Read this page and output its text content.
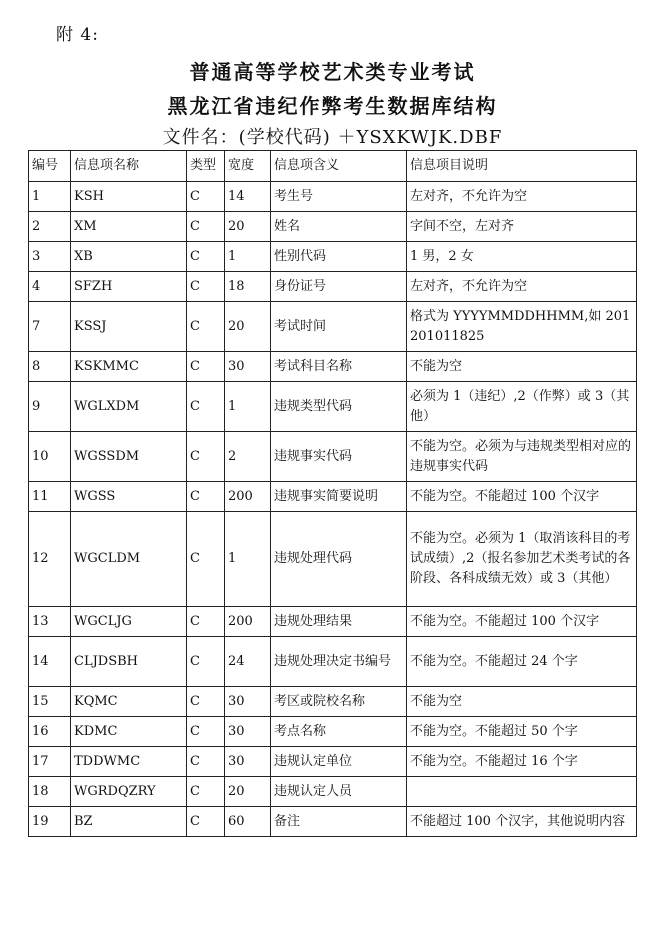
附 4:
普通高等学校艺术类专业考试
黑龙江省违纪作弊考生数据库结构
文件名：(学校代码) ＋YSXKWJK.DBF
编号	信息项名称	类型	宽度	信息项含义	信息项目说明
1	KSH	C	14	考生号	左对齐，不允许为空
2	XM	C	20	姓名	字间不空，左对齐
3	XB	C	1	性别代码	1 男，2 女
4	SFZH	C	18	身份证号	左对齐，不允许为空
7	KSSJ	C	20	考试时间	格式为 YYYYMMDDHHMM,如 201201011825
8	KSKMMC	C	30	考试科目名称	不能为空
9	WGLXDM	C	1	违规类型代码	必须为 1（违纪）,2（作弊）或 3（其他）
10	WGSSDM	C	2	违规事实代码	不能为空。必须为与违规类型相对应的违规事实代码
11	WGSS	C	200	违规事实简要说明	不能为空。不能超过 100 个汉字
12	WGCLDM	C	1	违规处理代码	不能为空。必须为 1（取消该科目的考试成绩）,2（报名参加艺术类考试的各阶段、各科成绩无效）或 3（其他）
13	WGCLJG	C	200	违规处理结果	不能为空。不能超过 100 个汉字
14	CLJDSBH	C	24	违规处理决定书编号	不能为空。不能超过 24 个字
15	KQMC	C	30	考区或院校名称	不能为空
16	KDMC	C	30	考点名称	不能为空。不能超过 50 个字
17	TDDWMC	C	30	违规认定单位	不能为空。不能超过 16 个字
18	WGRDQZRY	C	20	违规认定人员	
19	BZ	C	60	备注	不能超过 100 个汉字，其他说明内容
